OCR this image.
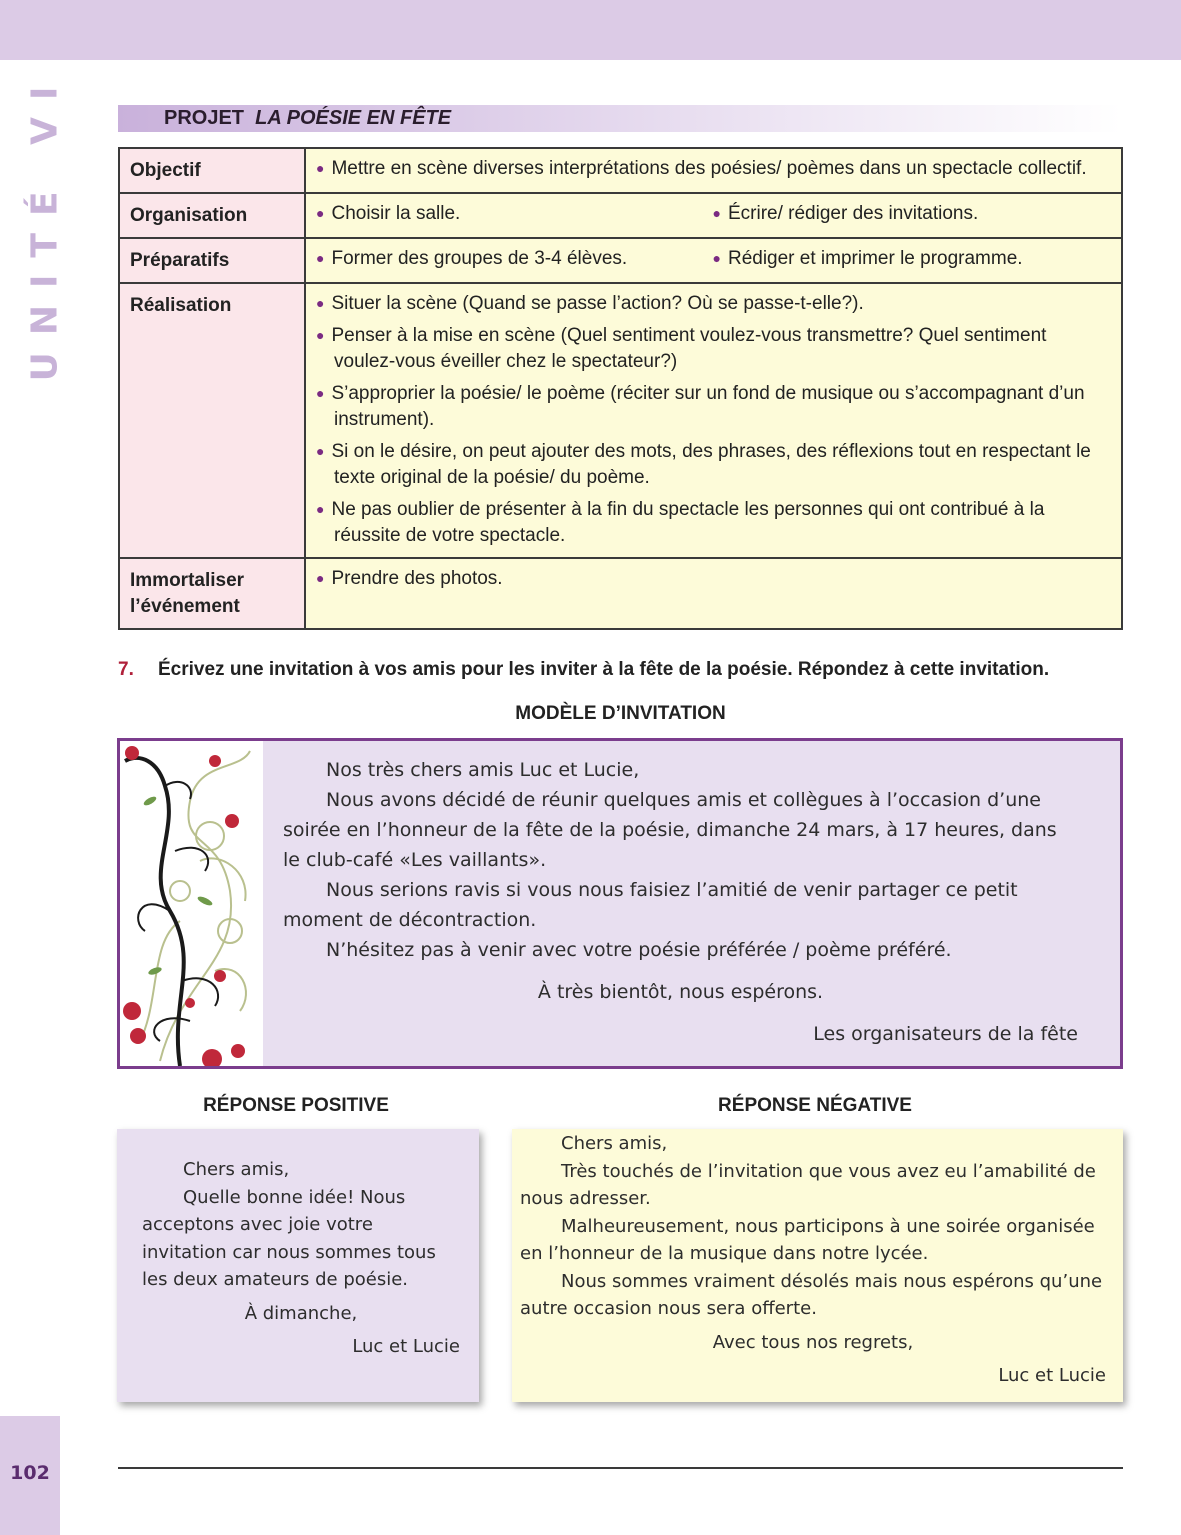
UNITÉ VI	PROJET LA POÉSIE EN FÊTE
Objectif	● Mettre en scène diverses interprétations des poésies/ poèmes dans un spectacle collectif.

Organisation	● Choisir la salle. ● Écrire/ rédiger des invitations.

Préparatifs	● Former des groupes de 3-4 élèves. ● Rédiger et imprimer le programme.

Réalisation	● Situer la scène (Quand se passe l’action? Où se passe-t-elle?).
● Penser à la mise en scène (Quel sentiment voulez-vous transmettre? Quel sentiment voulez-vous éveiller chez le spectateur?)
● S’approprier la poésie/ le poème (réciter sur un fond de musique ou s’accompagnant d’un instrument).
● Si on le désire, on peut ajouter des mots, des phrases, des réflexions tout en respectant le texte original de la poésie/ du poème.
● Ne pas oublier de présenter à la fin du spectacle les personnes qui ont contribué à la réussite de votre spectacle.

Immortaliser
l’événement	● Prendre des photos.
7. Écrivez une invitation à vos amis pour les inviter à la fête de la poésie. Répondez à cette invitation.
MODÈLE D’INVITATION

Nos très chers amis Luc et Lucie,

Nous avons décidé de réunir quelques amis et collègues à l’occasion d’une soirée en l’honneur de la fête de la poésie, dimanche 24 mars, à 17 heures, dans le club-café «Les vaillants».

Nous serions ravis si vous nous faisiez l’amitié de venir partager ce petit moment de décontraction.

N’hésitez pas à venir avec votre poésie préférée / poème préféré.

À très bientôt, nous espérons.

Les organisateurs de la fête

RÉPONSE POSITIVE	RÉPONSE NÉGATIVE

Chers amis,

Quelle bonne idée! Nous acceptons avec joie votre invitation car nous sommes tous les deux amateurs de poésie.

À dimanche,

Luc et Lucie

Chers amis,

Très touchés de l’invitation que vous avez eu l’amabilité de nous adresser.

Malheureusement, nous participons à une soirée organisée en l’honneur de la musique dans notre lycée.

Nous sommes vraiment désolés mais nous espérons qu’une autre occasion nous sera offerte.

Avec tous nos regrets,

Luc et Lucie

102
